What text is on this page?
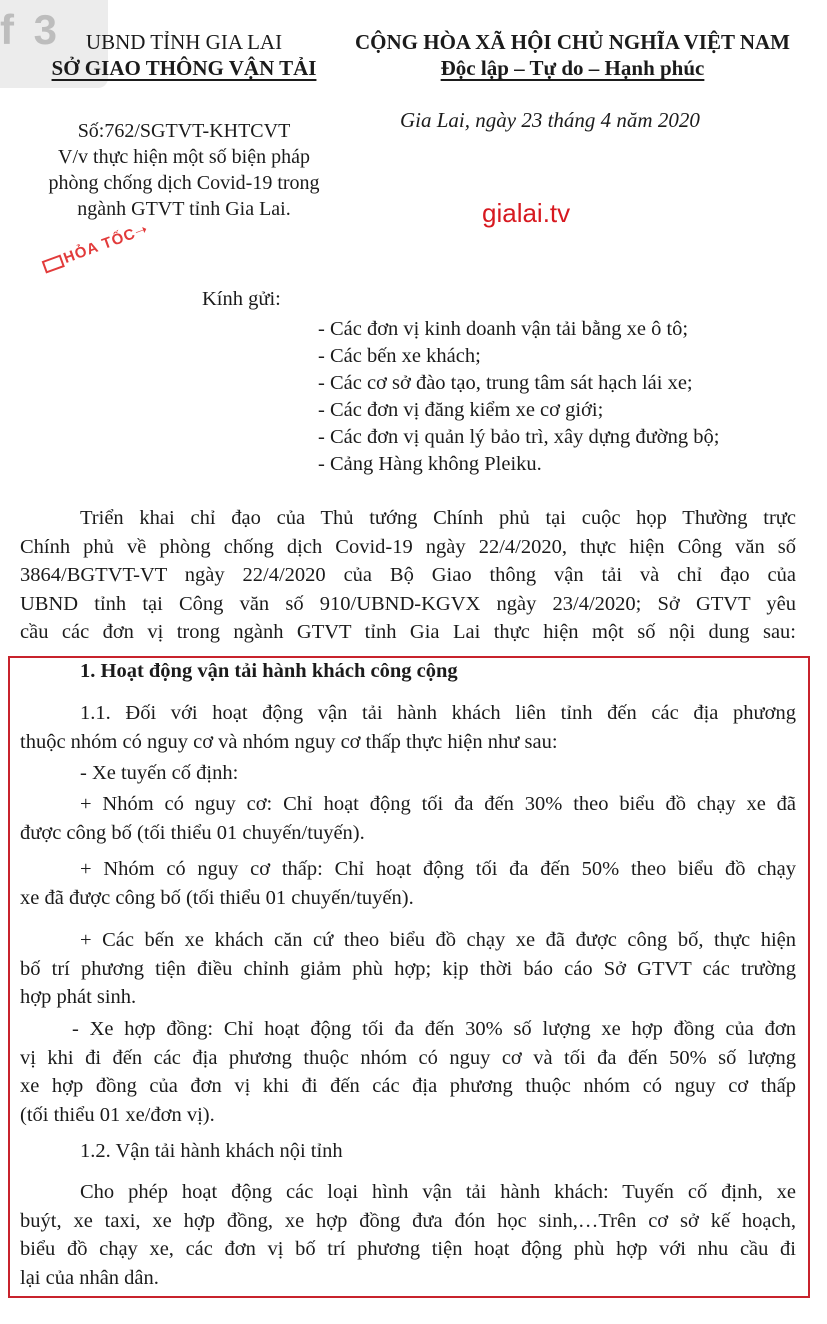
f 3	UBND TỈNH GIA LAI
SỞ GIAO THÔNG VẬN TẢI
CỘNG HÒA XÃ HỘI CHỦ NGHĨA VIỆT NAM
Độc lập – Tự do – Hạnh phúc
Số:762/SGTVT-KHTCVT
V/v thực hiện một số biện pháp
phòng chống dịch Covid-19 trong
ngành GTVT tỉnh Gia Lai.
Gia Lai, ngày 23 tháng 4 năm 2020
gialai.tv
HỎA TỐC➝
Kính gửi:
- Các đơn vị kinh doanh vận tải bằng xe ô tô;
- Các bến xe khách;
- Các cơ sở đào tạo, trung tâm sát hạch lái xe;
- Các đơn vị đăng kiểm xe cơ giới;
- Các đơn vị quản lý bảo trì, xây dựng đường bộ;
- Cảng Hàng không Pleiku.
Triển khai chỉ đạo của Thủ tướng Chính phủ tại cuộc họp Thường trực
Chính phủ về phòng chống dịch Covid-19 ngày 22/4/2020, thực hiện Công văn số
3864/BGTVT-VT ngày 22/4/2020 của Bộ Giao thông vận tải và chỉ đạo của
UBND tỉnh tại Công văn số 910/UBND-KGVX ngày 23/4/2020; Sở GTVT yêu
cầu các đơn vị trong ngành GTVT tỉnh Gia Lai thực hiện một số nội dung sau:
1. Hoạt động vận tải hành khách công cộng
1.1. Đối với hoạt động vận tải hành khách liên tỉnh đến các địa phương
thuộc nhóm có nguy cơ và nhóm nguy cơ thấp thực hiện như sau:
- Xe tuyến cố định:
+ Nhóm có nguy cơ: Chỉ hoạt động tối đa đến 30% theo biểu đồ chạy xe đã
được công bố (tối thiểu 01 chuyến/tuyến).
+ Nhóm có nguy cơ thấp: Chỉ hoạt động tối đa đến 50% theo biểu đồ chạy
xe đã được công bố (tối thiểu 01 chuyến/tuyến).
+ Các bến xe khách căn cứ theo biểu đồ chạy xe đã được công bố, thực hiện
bố trí phương tiện điều chỉnh giảm phù hợp; kịp thời báo cáo Sở GTVT các trường
hợp phát sinh.
- Xe hợp đồng: Chỉ hoạt động tối đa đến 30% số lượng xe hợp đồng của đơn
vị khi đi đến các địa phương thuộc nhóm có nguy cơ và tối đa đến 50% số lượng
xe hợp đồng của đơn vị khi đi đến các địa phương thuộc nhóm có nguy cơ thấp
(tối thiểu 01 xe/đơn vị).
1.2. Vận tải hành khách nội tỉnh
Cho phép hoạt động các loại hình vận tải hành khách: Tuyến cố định, xe
buýt, xe taxi, xe hợp đồng, xe hợp đồng đưa đón học sinh,…Trên cơ sở kế hoạch,
biểu đồ chạy xe, các đơn vị bố trí phương tiện hoạt động phù hợp với nhu cầu đi
lại của nhân dân.
